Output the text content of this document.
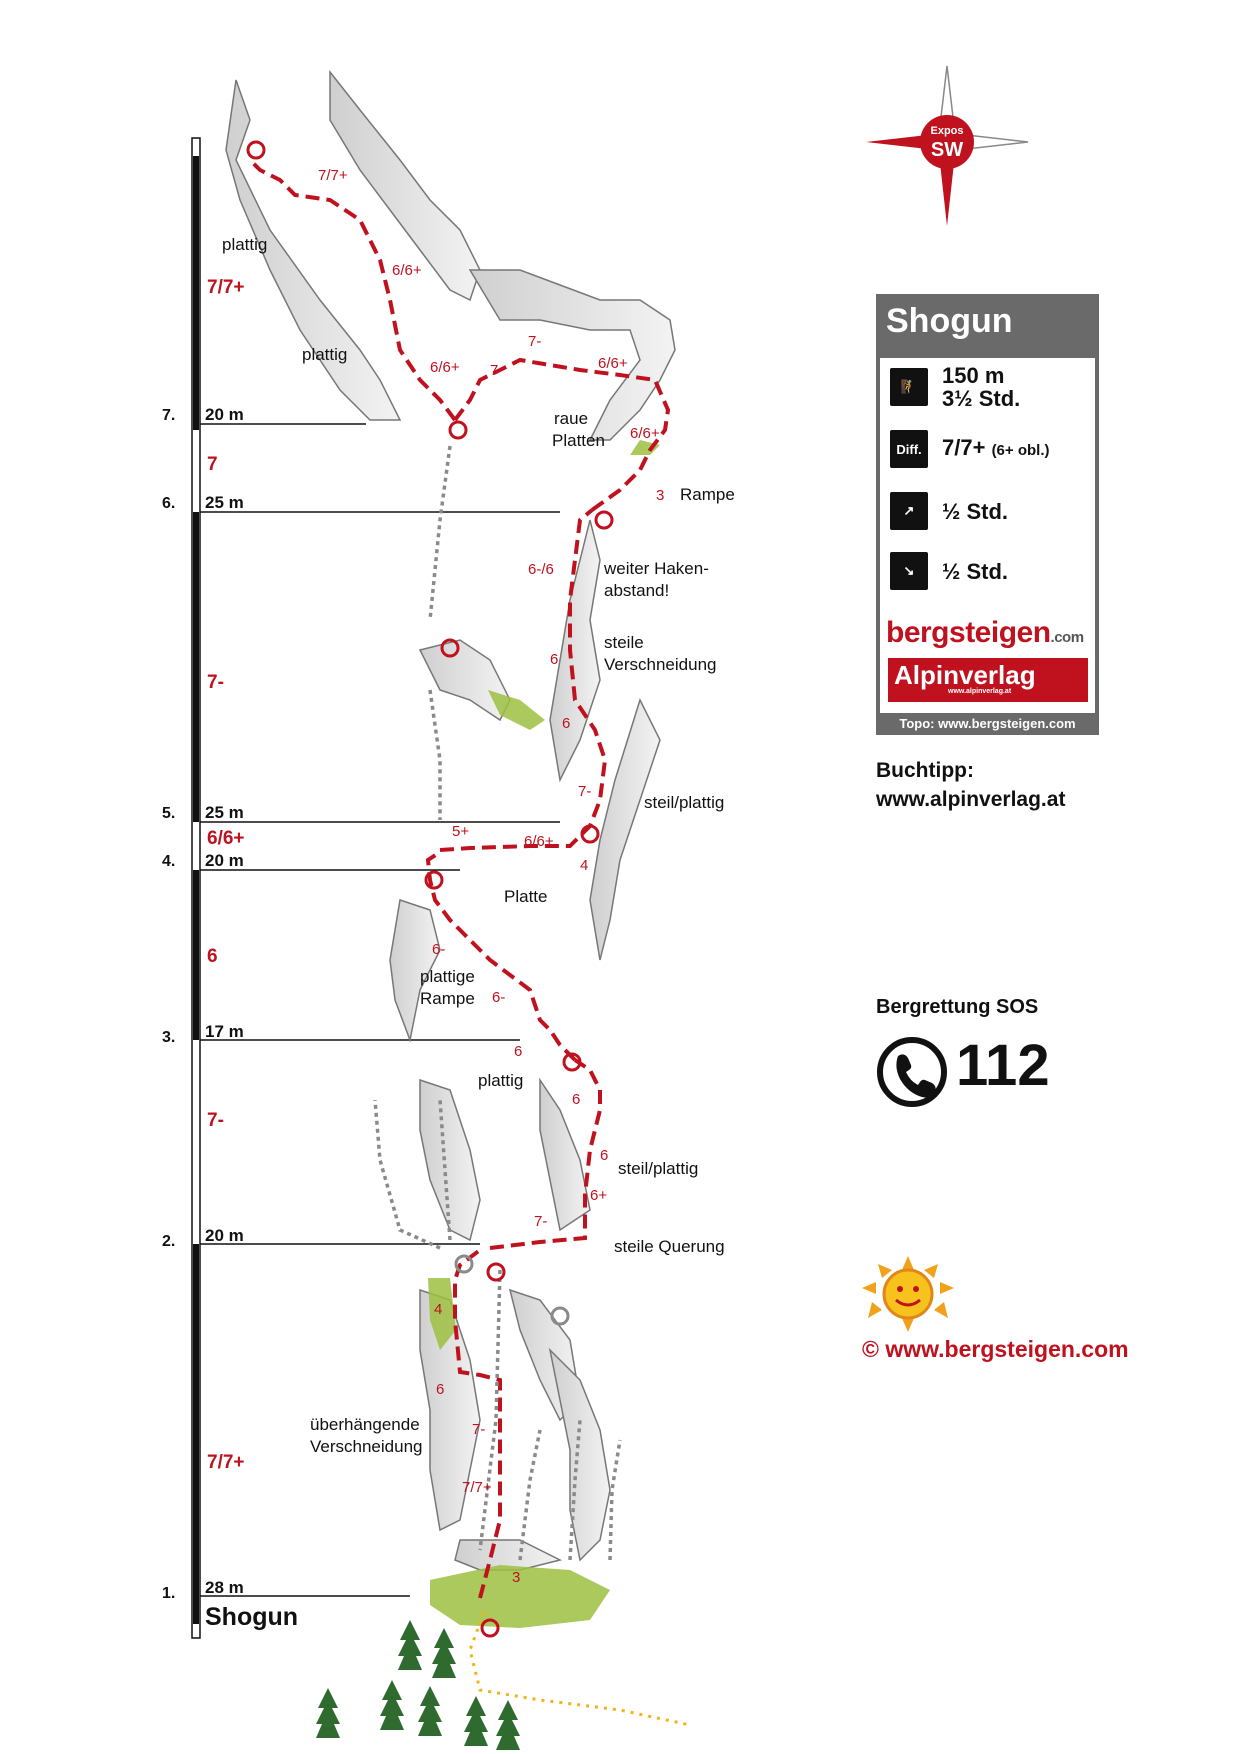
1. 28 m
7/7+
2. 20 m
7-
3. 17 m
6
4. 20 m
6/6+
5. 25 m
7-
6. 25 m
7
7. 20 m
7/7+
Shogun
7/7+
6/6+
6/6+ 7
7-
6/6+
6/6+
3
6-/6
6
6
7-
5+
6/6+
4
6-
6-
6
6
6
6+
7-
4
6
7-
7/7+
3
plattig
plattig
raue
Platten
Rampe
weiter Haken-
abstand!
steile
Verschneidung
steil/plattig
Platte
plattige
Rampe
plattig
steil/plattig
steile Querung
überhängende
Verschneidung
Expos
SW
Shogun
🧗	150 m
3½ Std.
Diff. 7/7+ (6+ obl.)
↗	½ Std.
↘	½ Std.
bergsteigen.com
Alpinverlag
www.alpinverlag.at
Topo: www.bergsteigen.com
Buchtipp:
www.alpinverlag.at
Bergrettung SOS
112
© www.bergsteigen.com
